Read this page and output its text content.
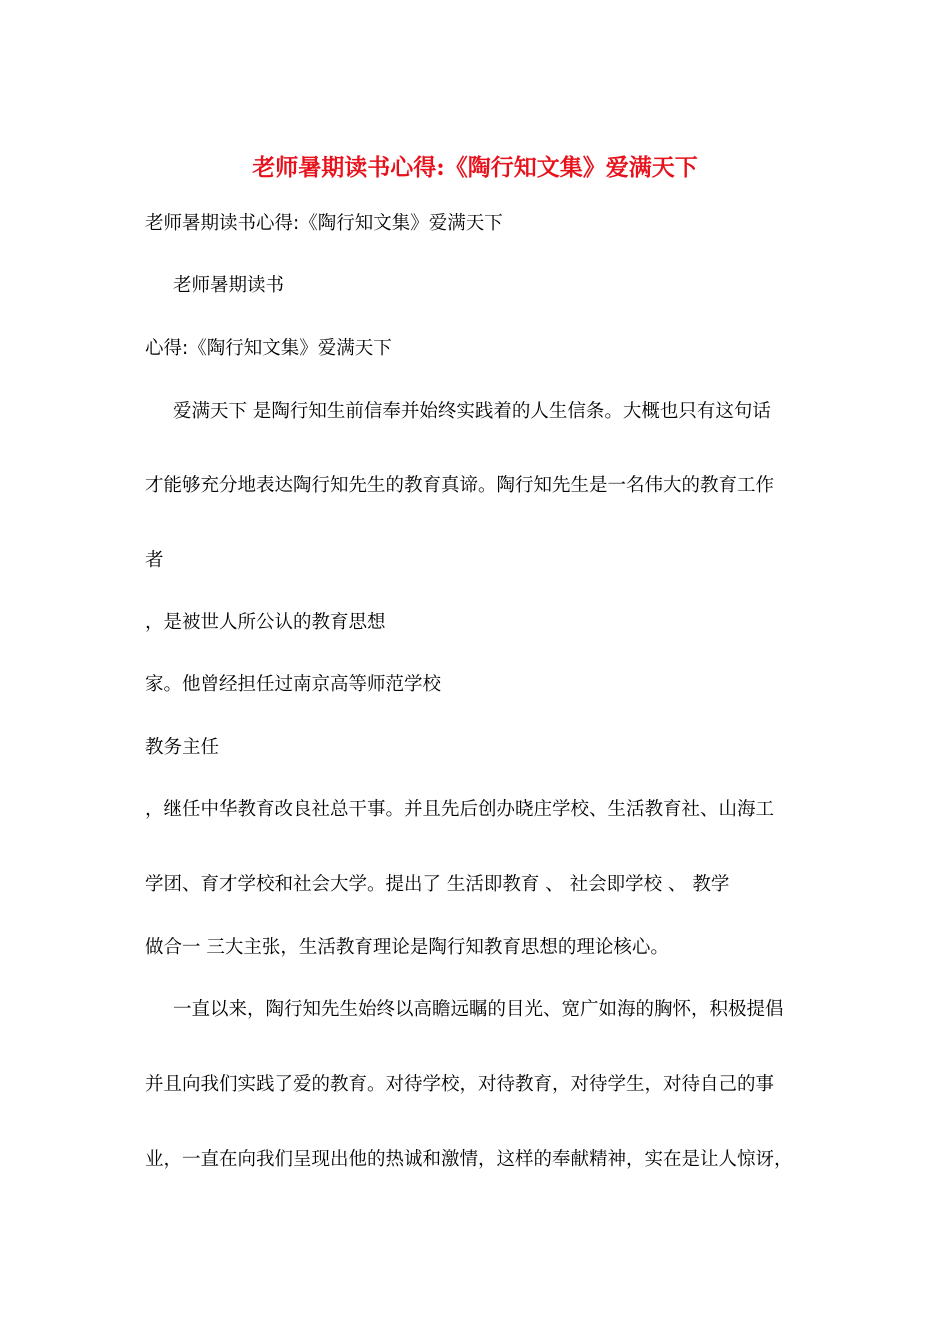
老师暑期读书心得:《陶行知文集》爱满天下
老师暑期读书心得:《陶行知文集》爱满天下
老师暑期读书
心得:《陶行知文集》爱满天下
爱满天下 是陶行知生前信奉并始终实践着的人生信条。大概也只有这句话
才能够充分地表达陶行知先生的教育真谛。陶行知先生是一名伟大的教育工作
者
，是被世人所公认的教育思想
家。他曾经担任过南京高等师范学校
教务主任
，继任中华教育改良社总干事。并且先后创办晓庄学校、生活教育社、山海工
学团、育才学校和社会大学。提出了 生活即教育 、 社会即学校 、 教学
做合一 三大主张，生活教育理论是陶行知教育思想的理论核心。
一直以来，陶行知先生始终以高瞻远瞩的目光、宽广如海的胸怀，积极提倡
并且向我们实践了爱的教育。对待学校，对待教育，对待学生，对待自己的事
业，一直在向我们呈现出他的热诚和激情，这样的奉献精神，实在是让人惊讶，
